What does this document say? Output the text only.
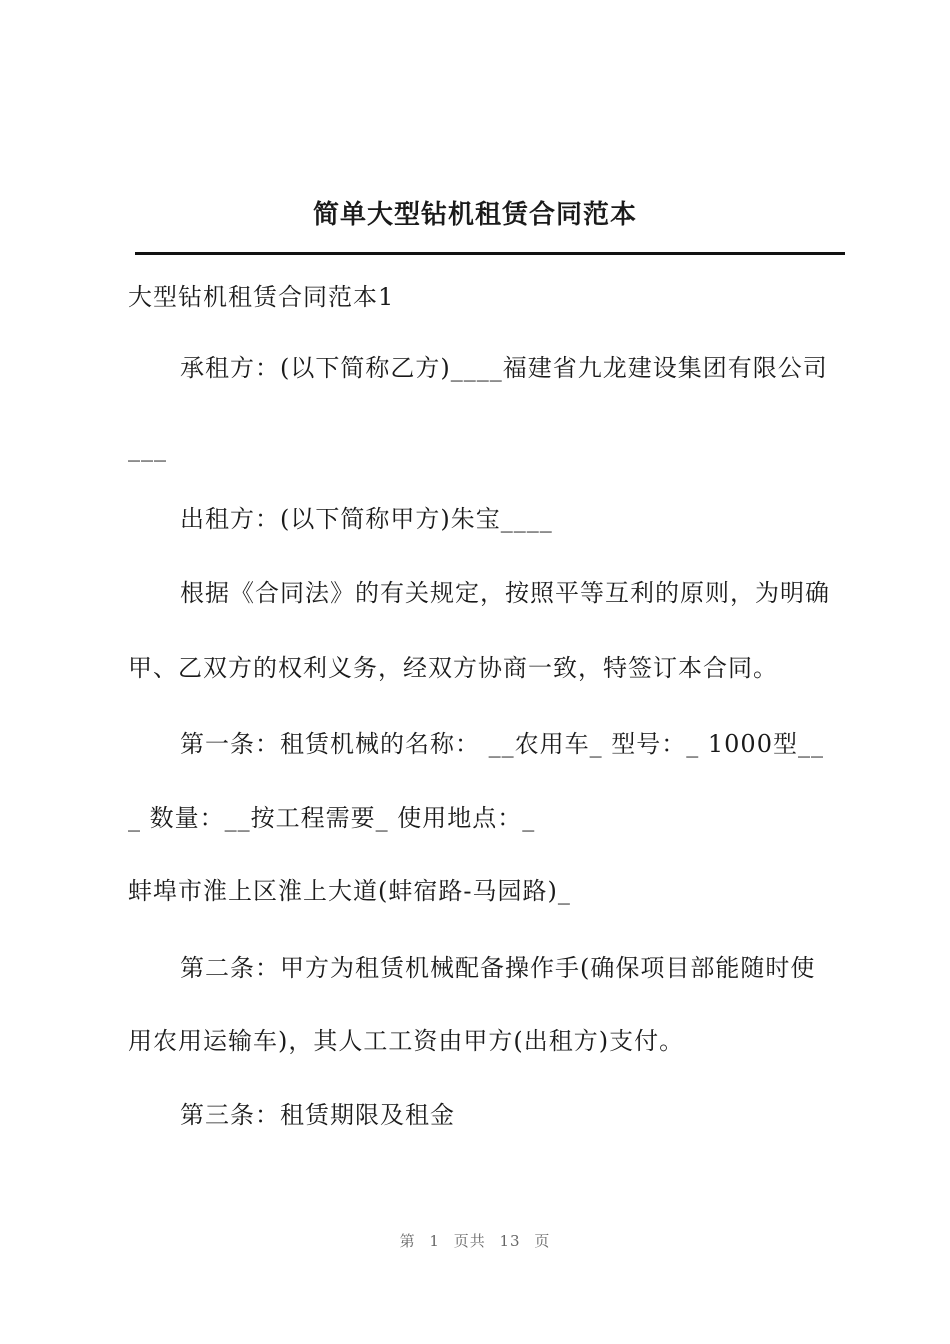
简单大型钻机租赁合同范本

大型钻机租赁合同范本1

承租方：(以下简称乙方)____福建省九龙建设集团有限公司

___

出租方：(以下简称甲方)朱宝____

根据《合同法》的有关规定，按照平等互利的原则，为明确

甲、乙双方的权利义务，经双方协商一致，特签订本合同。

第一条：租赁机械的名称： __农用车_ 型号：_ 1000型__

_ 数量：__按工程需要_ 使用地点：_

蚌埠市淮上区淮上大道(蚌宿路-马园路)_

第二条：甲方为租赁机械配备操作手(确保项目部能随时使

用农用运输车)，其人工工资由甲方(出租方)支付。

第三条：租赁期限及租金

第 1 页共 13 页
